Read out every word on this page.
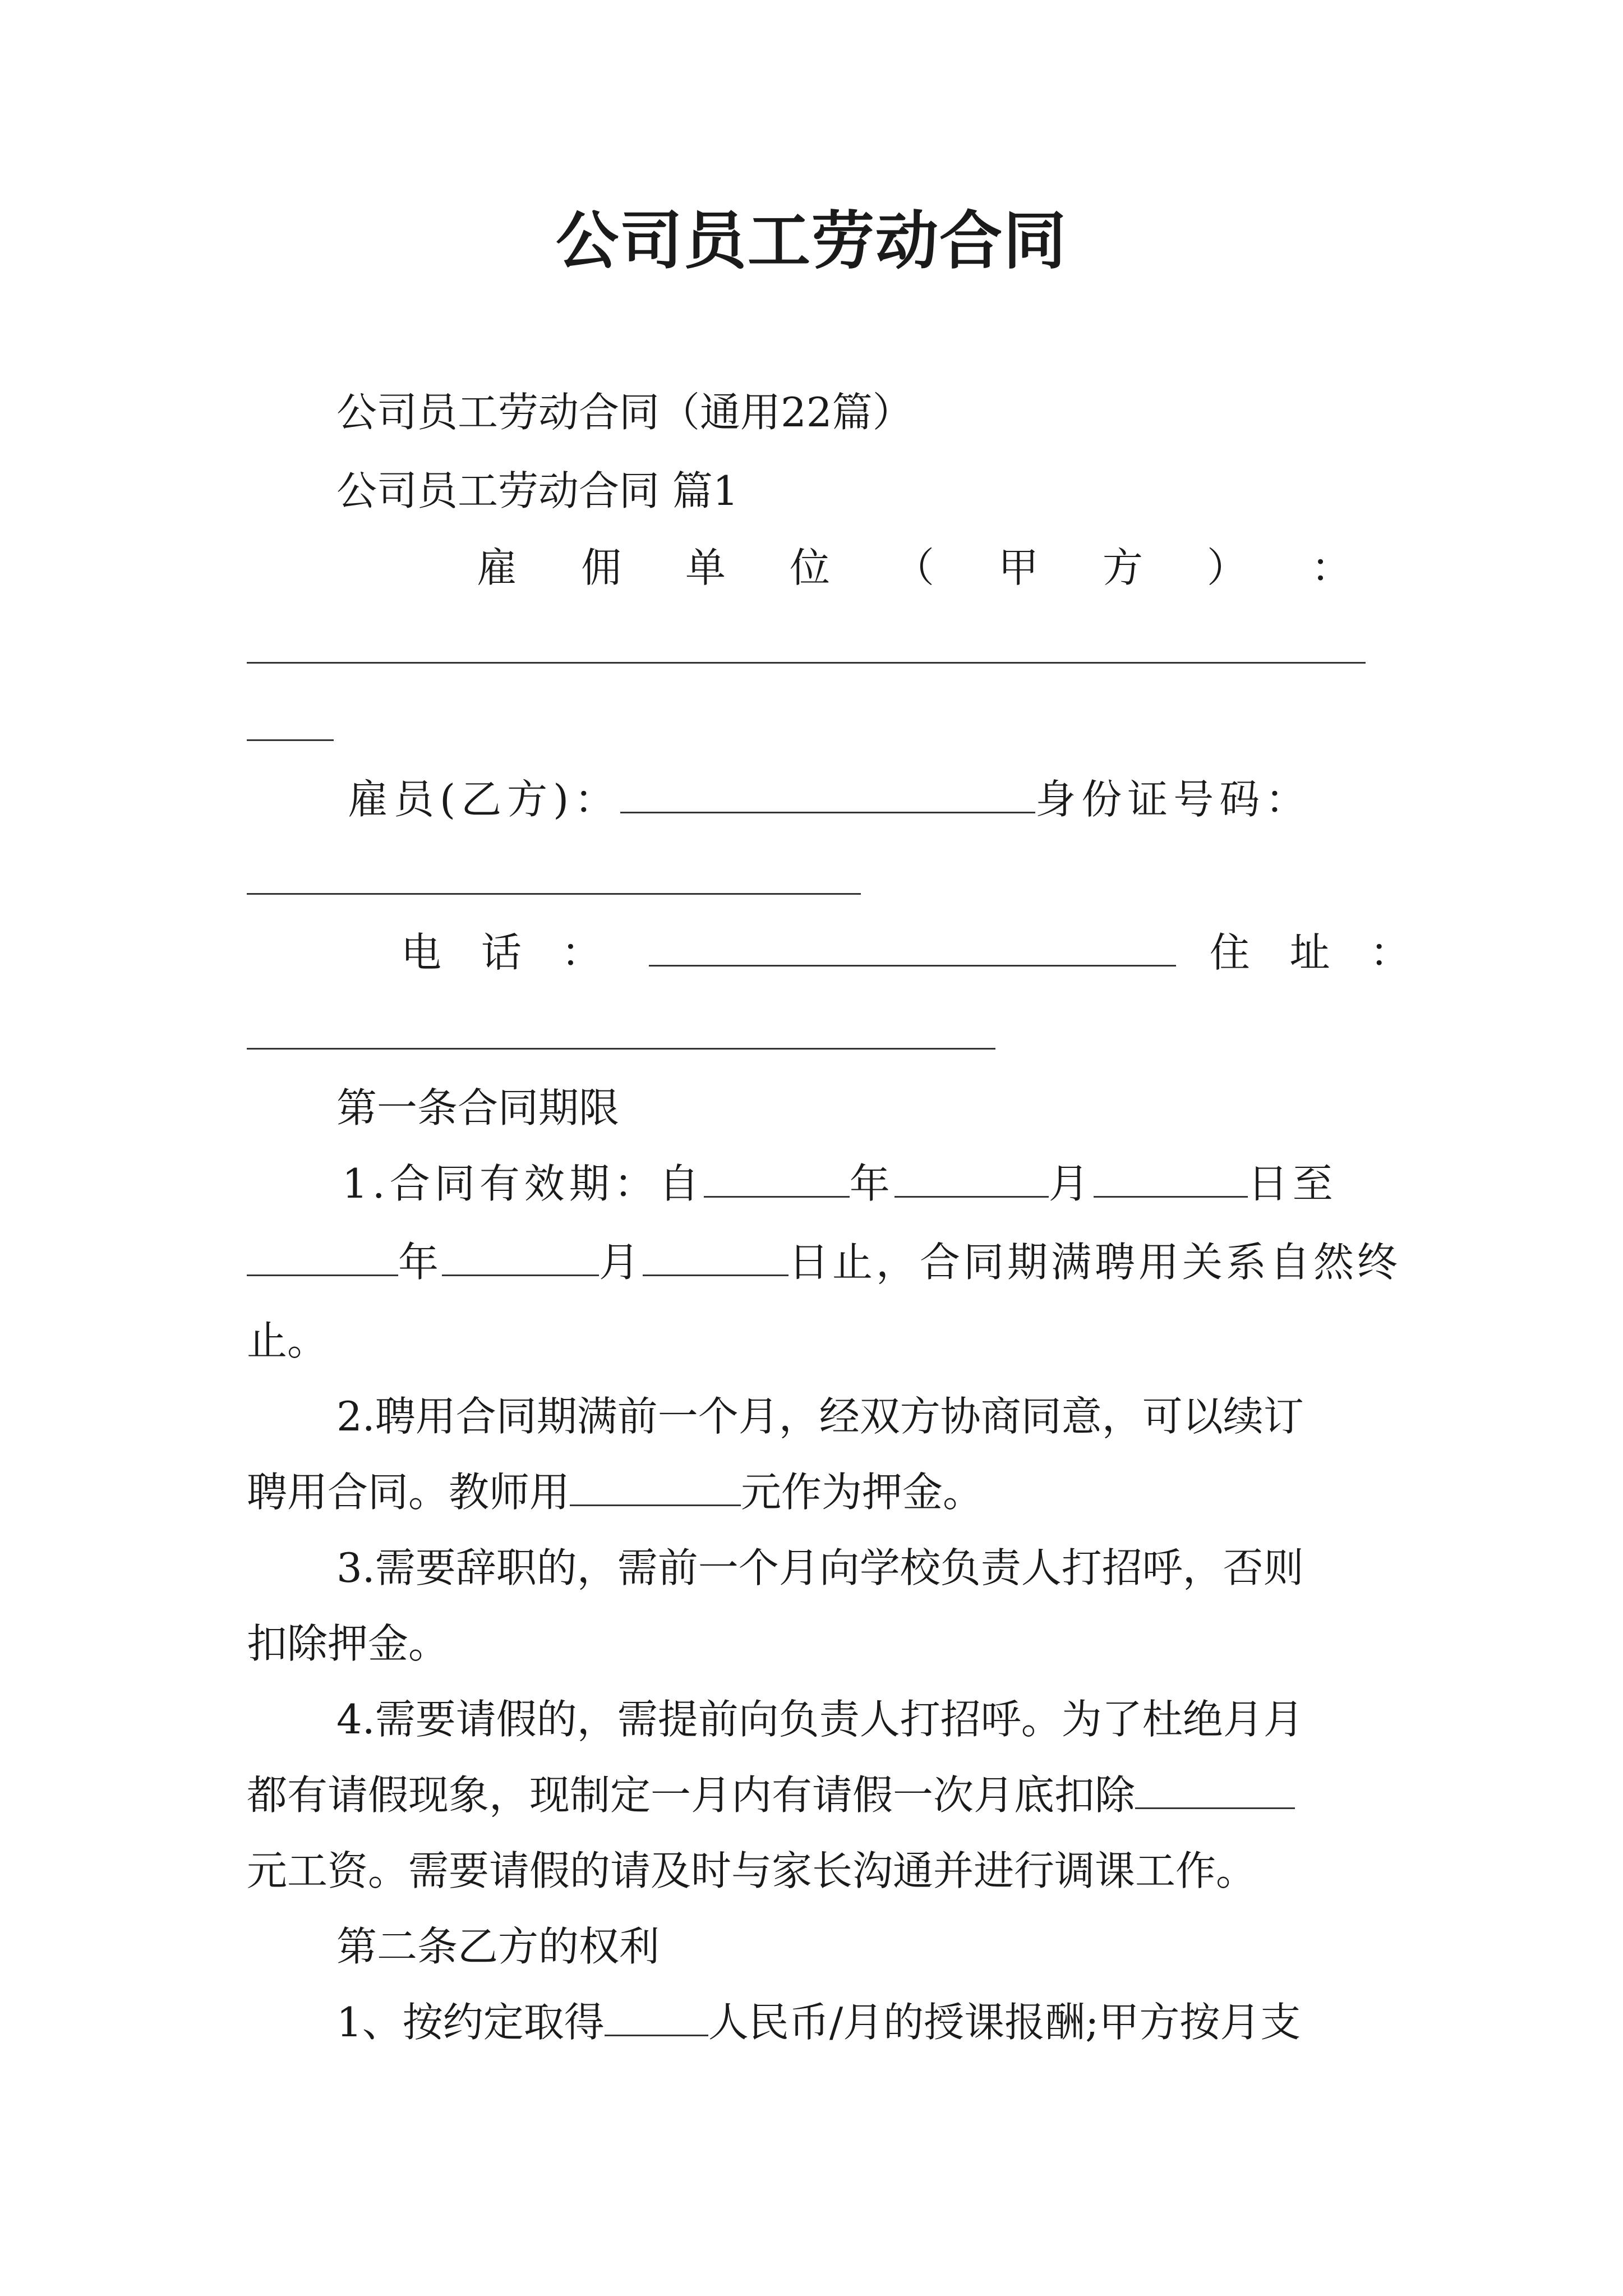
公司员工劳动合同
公司员工劳动合同（通用22篇）
公司员工劳动合同 篇1
雇 佣 单 位 （ 甲 方 ） ：
雇员(乙方)：	身份证号码：
电 话 ：	住 址 ：
第一条合同期限
1.合同有效期：自	年	月	日至
年	月	日止，合同期满聘用关系自然终
止。
2.聘用合同期满前一个月，经双方协商同意，可以续订
聘用合同。教师用	元作为押金。
3.需要辞职的，需前一个月向学校负责人打招呼，否则
扣除押金。
4.需要请假的，需提前向负责人打招呼。为了杜绝月月
都有请假现象，现制定一月内有请假一次月底扣除
元工资。需要请假的请及时与家长沟通并进行调课工作。
第二条乙方的权利
1、按约定取得	人民币/月的授课报酬;甲方按月支
